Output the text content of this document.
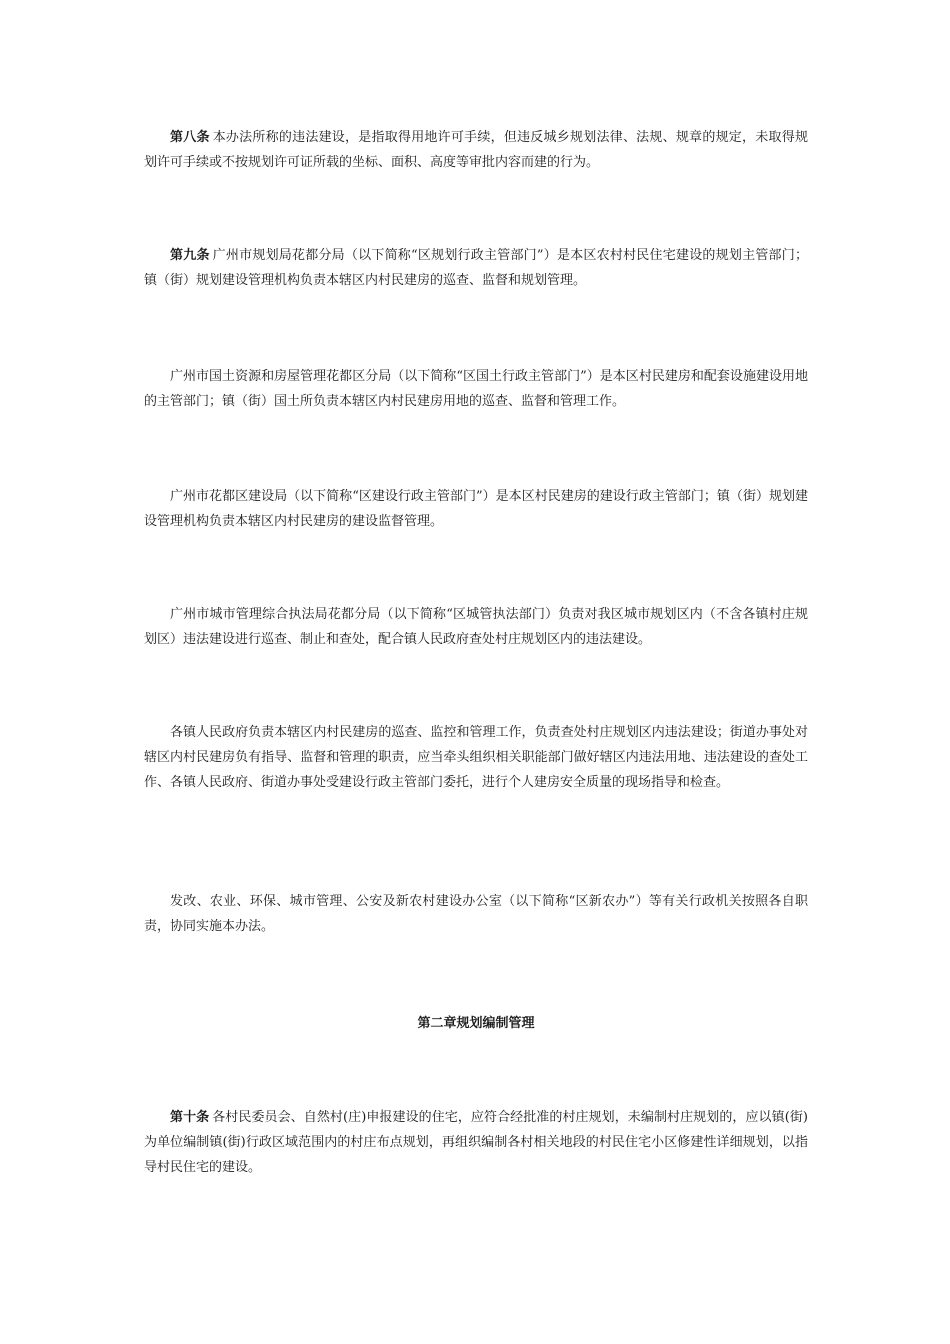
第八条 本办法所称的违法建设，是指取得用地许可手续，但违反城乡规划法律、法规、规章的规定，未取得规划许可手续或不按规划许可证所载的坐标、面积、高度等审批内容而建的行为。

第九条 广州市规划局花都分局（以下简称“区规划行政主管部门”）是本区农村村民住宅建设的规划主管部门；镇（街）规划建设管理机构负责本辖区内村民建房的巡查、监督和规划管理。

广州市国土资源和房屋管理花都区分局（以下简称“区国土行政主管部门”）是本区村民建房和配套设施建设用地的主管部门；镇（街）国土所负责本辖区内村民建房用地的巡查、监督和管理工作。

广州市花都区建设局（以下简称“区建设行政主管部门”）是本区村民建房的建设行政主管部门；镇（街）规划建设管理机构负责本辖区内村民建房的建设监督管理。

广州市城市管理综合执法局花都分局（以下简称“区城管执法部门）负责对我区城市规划区内（不含各镇村庄规划区）违法建设进行巡查、制止和查处，配合镇人民政府查处村庄规划区内的违法建设。

各镇人民政府负责本辖区内村民建房的巡查、监控和管理工作，负责查处村庄规划区内违法建设；街道办事处对辖区内村民建房负有指导、监督和管理的职责，应当牵头组织相关职能部门做好辖区内违法用地、违法建设的查处工作、各镇人民政府、街道办事处受建设行政主管部门委托，进行个人建房安全质量的现场指导和检查。

发改、农业、环保、城市管理、公安及新农村建设办公室（以下简称“区新农办”）等有关行政机关按照各自职责，协同实施本办法。

第二章规划编制管理

第十条 各村民委员会、自然村(庄)申报建设的住宅，应符合经批准的村庄规划，未编制村庄规划的，应以镇(街)为单位编制镇(街)行政区域范围内的村庄布点规划，再组织编制各村相关地段的村民住宅小区修建性详细规划，以指导村民住宅的建设。
